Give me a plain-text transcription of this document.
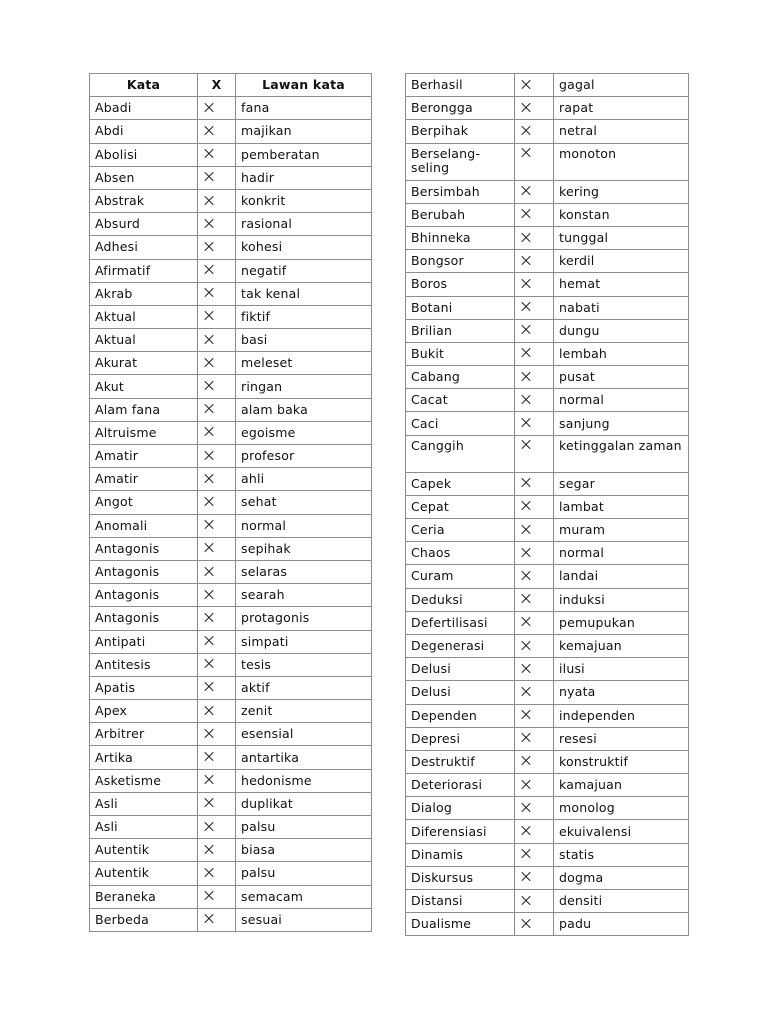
Kata	X	Lawan kata
Abadi		fana
Abdi		majikan
Abolisi		pemberatan
Absen		hadir
Abstrak		konkrit
Absurd		rasional
Adhesi		kohesi
Afirmatif		negatif
Akrab		tak kenal
Aktual		fiktif
Aktual		basi
Akurat		meleset
Akut		ringan
Alam fana		alam baka
Altruisme		egoisme
Amatir		profesor
Amatir		ahli
Angot		sehat
Anomali		normal
Antagonis		sepihak
Antagonis		selaras
Antagonis		searah
Antagonis		protagonis
Antipati		simpati
Antitesis		tesis
Apatis		aktif
Apex		zenit
Arbitrer		esensial
Artika		antartika
Asketisme		hedonisme
Asli		duplikat
Asli		palsu
Autentik		biasa
Autentik		palsu
Beraneka		semacam
Berbeda		sesuai
Berhasil		gagal
Berongga		rapat
Berpihak		netral
Berselang-seling		monoton
Bersimbah		kering
Berubah		konstan
Bhinneka		tunggal
Bongsor		kerdil
Boros		hemat
Botani		nabati
Brilian		dungu
Bukit		lembah
Cabang		pusat
Cacat		normal
Caci		sanjung
Canggih		ketinggalan zaman
Capek		segar
Cepat		lambat
Ceria		muram
Chaos		normal
Curam		landai
Deduksi		induksi
Defertilisasi		pemupukan
Degenerasi		kemajuan
Delusi		ilusi
Delusi		nyata
Dependen		independen
Depresi		resesi
Destruktif		konstruktif
Deteriorasi		kamajuan
Dialog		monolog
Diferensiasi		ekuivalensi
Dinamis		statis
Diskursus		dogma
Distansi		densiti
Dualisme		padu
